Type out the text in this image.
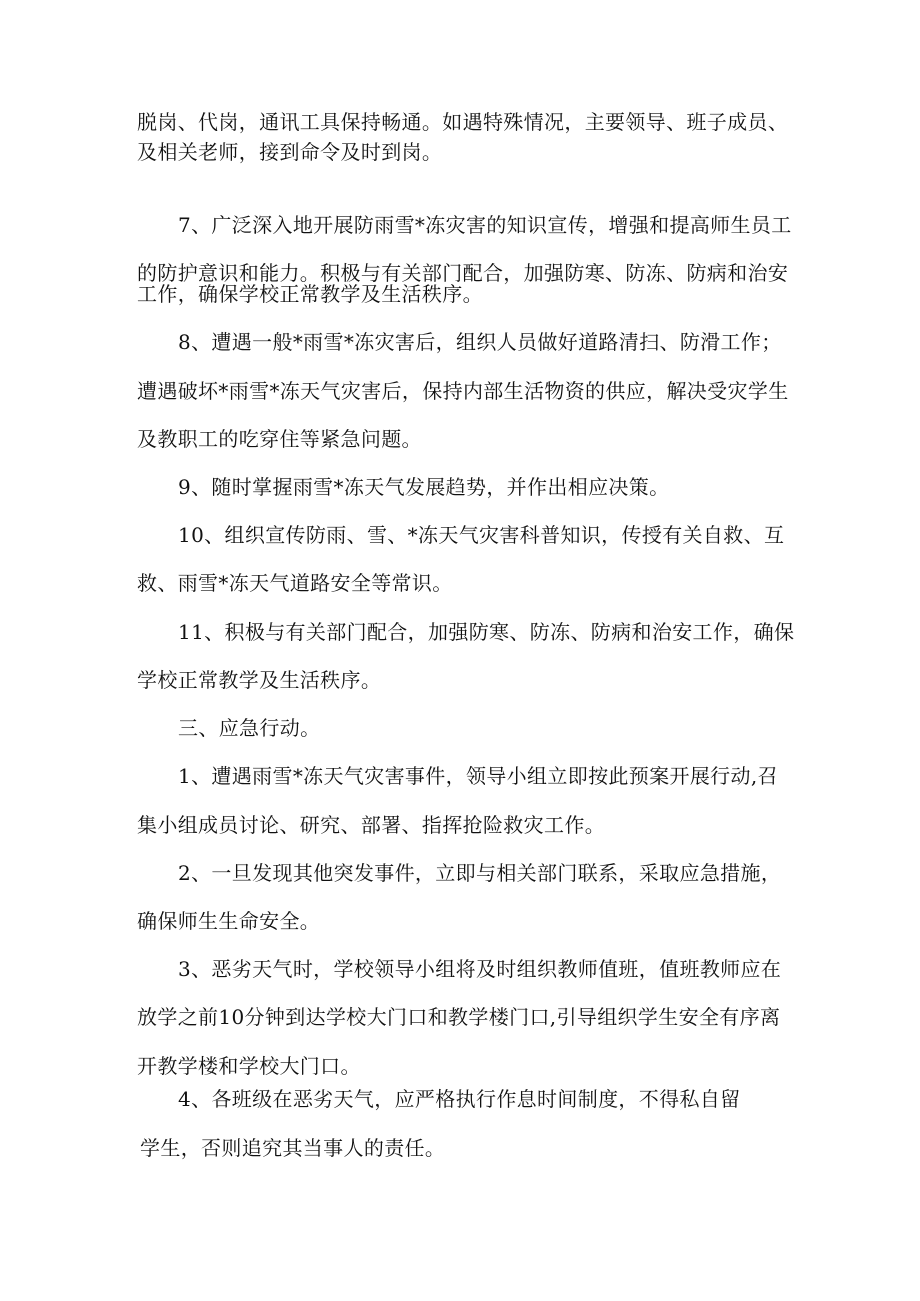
脱岗、代岗，通讯工具保持畅通。如遇特殊情况，主要领导、班子成员、
及相关老师，接到命令及时到岗。
7、广泛深入地开展防雨雪*冻灾害的知识宣传，增强和提高师生员工
的防护意识和能力。积极与有关部门配合，加强防寒、防冻、防病和治安
工作，确保学校正常教学及生活秩序。
8、遭遇一般*雨雪*冻灾害后，组织人员做好道路清扫、防滑工作；
遭遇破坏*雨雪*冻天气灾害后，保持内部生活物资的供应，解决受灾学生
及教职工的吃穿住等紧急问题。
9、随时掌握雨雪*冻天气发展趋势，并作出相应决策。
10、组织宣传防雨、雪、*冻天气灾害科普知识，传授有关自救、互
救、雨雪*冻天气道路安全等常识。
11、积极与有关部门配合，加强防寒、防冻、防病和治安工作，确保
学校正常教学及生活秩序。
三、应急行动。
1、遭遇雨雪*冻天气灾害事件，领导小组立即按此预案开展行动,召
集小组成员讨论、研究、部署、指挥抢险救灾工作。
2、一旦发现其他突发事件，立即与相关部门联系，采取应急措施，
确保师生生命安全。
3、恶劣天气时，学校领导小组将及时组织教师值班，值班教师应在
放学之前10分钟到达学校大门口和教学楼门口,引导组织学生安全有序离
开教学楼和学校大门口。
4、各班级在恶劣天气，应严格执行作息时间制度，不得私自留
学生，否则追究其当事人的责任。
